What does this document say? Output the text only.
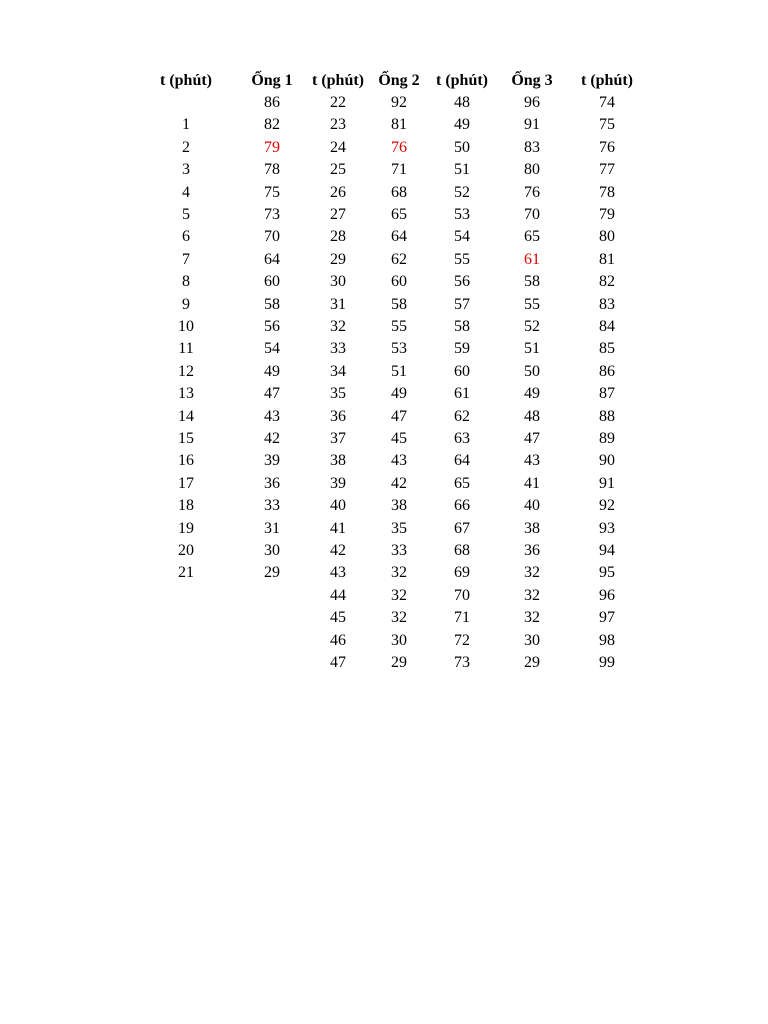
t (phút)
1
2
3
4
5
6
7
8
9
10
11
12
13
14
15
16
17
18
19
20
21
Ống 1
86
82
79
78
75
73
70
64
60
58
56
54
49
47
43
42
39
36
33
31
30
29
t (phút)
22
23
24
25
26
27
28
29
30
31
32
33
34
35
36
37
38
39
40
41
42
43
44
45
46
47
Ống 2
92
81
76
71
68
65
64
62
60
58
55
53
51
49
47
45
43
42
38
35
33
32
32
32
30
29
t (phút)
48
49
50
51
52
53
54
55
56
57
58
59
60
61
62
63
64
65
66
67
68
69
70
71
72
73
Ống 3
96
91
83
80
76
70
65
61
58
55
52
51
50
49
48
47
43
41
40
38
36
32
32
32
30
29
t (phút)
74
75
76
77
78
79
80
81
82
83
84
85
86
87
88
89
90
91
92
93
94
95
96
97
98
99
